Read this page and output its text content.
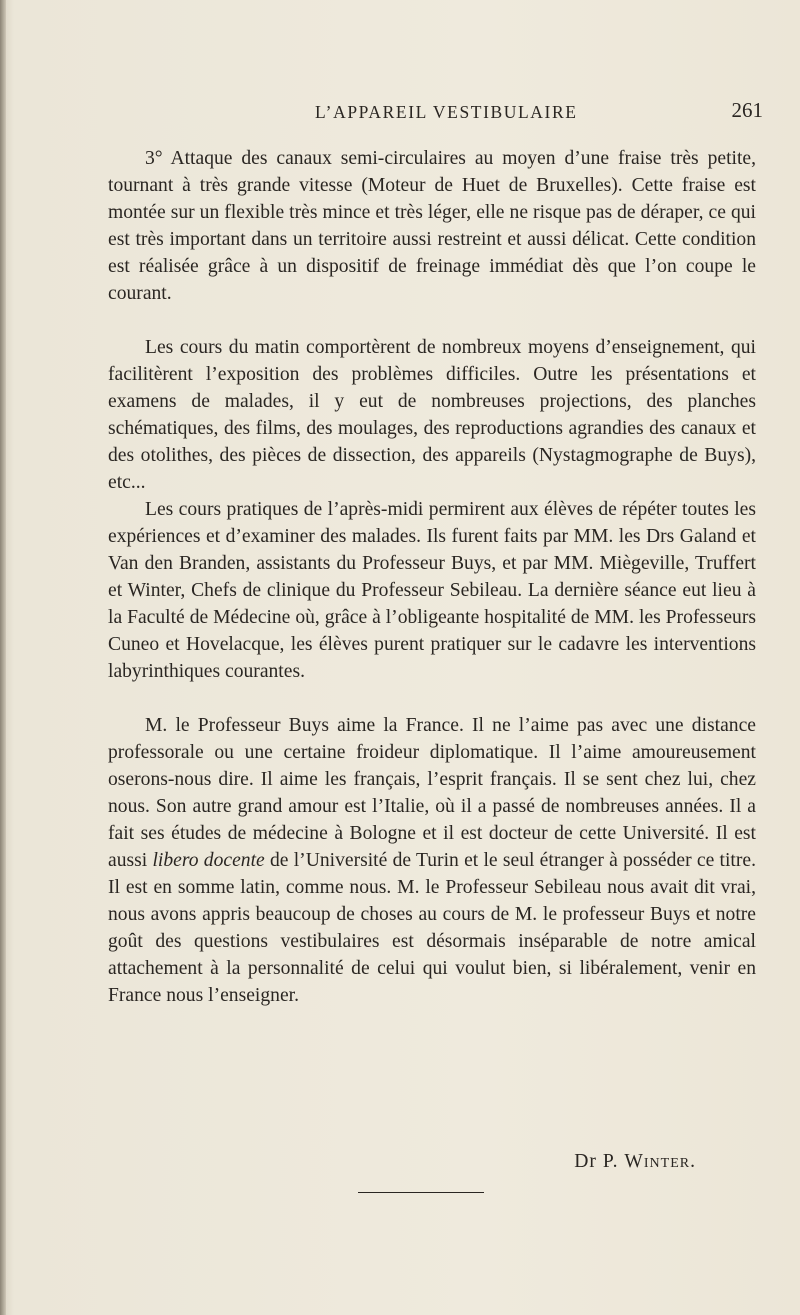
L’APPAREIL VESTIBULAIRE	261

3° Attaque des canaux semi-circulaires au moyen d’une fraise très petite, tournant à très grande vitesse (Moteur de Huet de Bruxelles). Cette fraise est montée sur un flexible très mince et très léger, elle ne risque pas de déraper, ce qui est très important dans un territoire aussi restreint et aussi délicat. Cette condition est réalisée grâce à un dispositif de freinage immédiat dès que l’on coupe le courant.

Les cours du matin comportèrent de nombreux moyens d’enseignement, qui facilitèrent l’exposition des problèmes difficiles. Outre les présentations et examens de malades, il y eut de nombreuses projections, des planches schématiques, des films, des moulages, des reproductions agrandies des canaux et des otolithes, des pièces de dissection, des appareils (Nystagmographe de Buys), etc...

Les cours pratiques de l’après-midi permirent aux élèves de répéter toutes les expériences et d’examiner des malades. Ils furent faits par MM. les Drs Galand et Van den Branden, assistants du Professeur Buys, et par MM. Miègeville, Truffert et Winter, Chefs de clinique du Professeur Sebileau. La dernière séance eut lieu à la Faculté de Médecine où, grâce à l’obligeante hospitalité de MM. les Professeurs Cuneo et Hovelacque, les élèves purent pratiquer sur le cadavre les interventions labyrinthiques courantes.

M. le Professeur Buys aime la France. Il ne l’aime pas avec une distance professorale ou une certaine froideur diplomatique. Il l’aime amoureusement oserons-nous dire. Il aime les français, l’esprit français. Il se sent chez lui, chez nous. Son autre grand amour est l’Italie, où il a passé de nombreuses années. Il a fait ses études de médecine à Bologne et il est docteur de cette Université. Il est aussi libero docente de l’Université de Turin et le seul étranger à posséder ce titre. Il est en somme latin, comme nous. M. le Professeur Sebileau nous avait dit vrai, nous avons appris beaucoup de choses au cours de M. le professeur Buys et notre goût des questions vestibulaires est désormais inséparable de notre amical attachement à la personnalité de celui qui voulut bien, si libéralement, venir en France nous l’enseigner.

Dr P. Winter.
